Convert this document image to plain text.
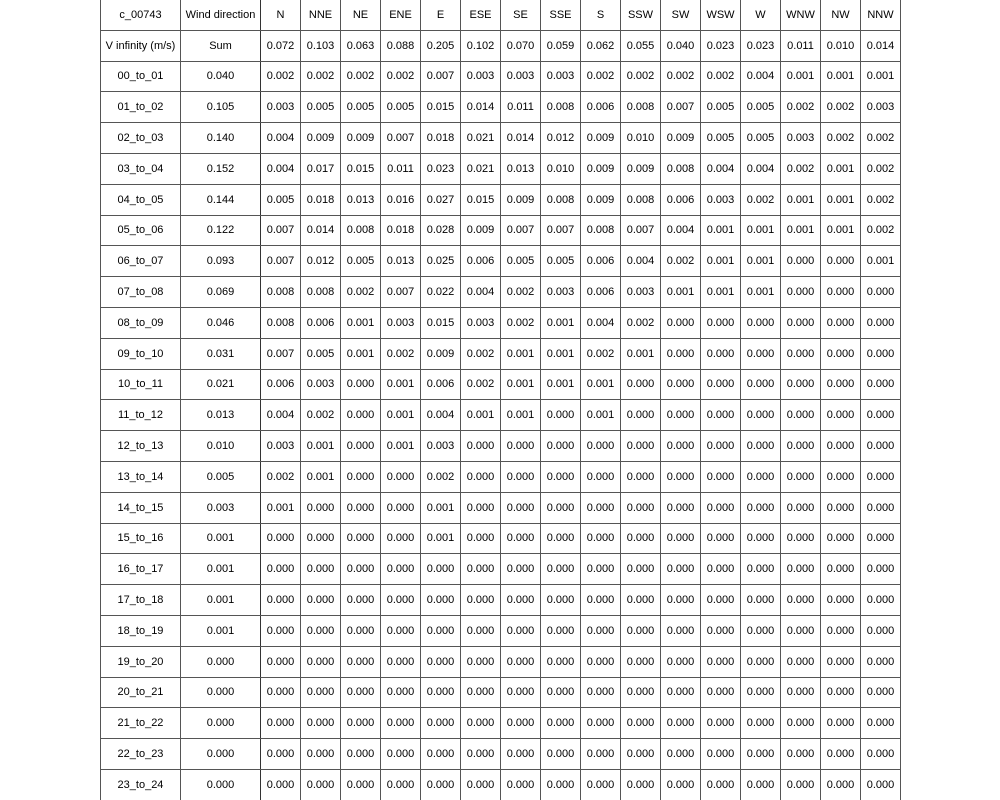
c_00743	Wind direction	N	NNE	NE	ENE	E	ESE	SE	SSE	S	SSW	SW	WSW	W	WNW	NW	NNW
V infinity (m/s)	Sum	0.072	0.103	0.063	0.088	0.205	0.102	0.070	0.059	0.062	0.055	0.040	0.023	0.023	0.011	0.010	0.014
00_to_01	0.040	0.002	0.002	0.002	0.002	0.007	0.003	0.003	0.003	0.002	0.002	0.002	0.002	0.004	0.001	0.001	0.001
01_to_02	0.105	0.003	0.005	0.005	0.005	0.015	0.014	0.011	0.008	0.006	0.008	0.007	0.005	0.005	0.002	0.002	0.003
02_to_03	0.140	0.004	0.009	0.009	0.007	0.018	0.021	0.014	0.012	0.009	0.010	0.009	0.005	0.005	0.003	0.002	0.002
03_to_04	0.152	0.004	0.017	0.015	0.011	0.023	0.021	0.013	0.010	0.009	0.009	0.008	0.004	0.004	0.002	0.001	0.002
04_to_05	0.144	0.005	0.018	0.013	0.016	0.027	0.015	0.009	0.008	0.009	0.008	0.006	0.003	0.002	0.001	0.001	0.002
05_to_06	0.122	0.007	0.014	0.008	0.018	0.028	0.009	0.007	0.007	0.008	0.007	0.004	0.001	0.001	0.001	0.001	0.002
06_to_07	0.093	0.007	0.012	0.005	0.013	0.025	0.006	0.005	0.005	0.006	0.004	0.002	0.001	0.001	0.000	0.000	0.001
07_to_08	0.069	0.008	0.008	0.002	0.007	0.022	0.004	0.002	0.003	0.006	0.003	0.001	0.001	0.001	0.000	0.000	0.000
08_to_09	0.046	0.008	0.006	0.001	0.003	0.015	0.003	0.002	0.001	0.004	0.002	0.000	0.000	0.000	0.000	0.000	0.000
09_to_10	0.031	0.007	0.005	0.001	0.002	0.009	0.002	0.001	0.001	0.002	0.001	0.000	0.000	0.000	0.000	0.000	0.000
10_to_11	0.021	0.006	0.003	0.000	0.001	0.006	0.002	0.001	0.001	0.001	0.000	0.000	0.000	0.000	0.000	0.000	0.000
11_to_12	0.013	0.004	0.002	0.000	0.001	0.004	0.001	0.001	0.000	0.001	0.000	0.000	0.000	0.000	0.000	0.000	0.000
12_to_13	0.010	0.003	0.001	0.000	0.001	0.003	0.000	0.000	0.000	0.000	0.000	0.000	0.000	0.000	0.000	0.000	0.000
13_to_14	0.005	0.002	0.001	0.000	0.000	0.002	0.000	0.000	0.000	0.000	0.000	0.000	0.000	0.000	0.000	0.000	0.000
14_to_15	0.003	0.001	0.000	0.000	0.000	0.001	0.000	0.000	0.000	0.000	0.000	0.000	0.000	0.000	0.000	0.000	0.000
15_to_16	0.001	0.000	0.000	0.000	0.000	0.001	0.000	0.000	0.000	0.000	0.000	0.000	0.000	0.000	0.000	0.000	0.000
16_to_17	0.001	0.000	0.000	0.000	0.000	0.000	0.000	0.000	0.000	0.000	0.000	0.000	0.000	0.000	0.000	0.000	0.000
17_to_18	0.001	0.000	0.000	0.000	0.000	0.000	0.000	0.000	0.000	0.000	0.000	0.000	0.000	0.000	0.000	0.000	0.000
18_to_19	0.001	0.000	0.000	0.000	0.000	0.000	0.000	0.000	0.000	0.000	0.000	0.000	0.000	0.000	0.000	0.000	0.000
19_to_20	0.000	0.000	0.000	0.000	0.000	0.000	0.000	0.000	0.000	0.000	0.000	0.000	0.000	0.000	0.000	0.000	0.000
20_to_21	0.000	0.000	0.000	0.000	0.000	0.000	0.000	0.000	0.000	0.000	0.000	0.000	0.000	0.000	0.000	0.000	0.000
21_to_22	0.000	0.000	0.000	0.000	0.000	0.000	0.000	0.000	0.000	0.000	0.000	0.000	0.000	0.000	0.000	0.000	0.000
22_to_23	0.000	0.000	0.000	0.000	0.000	0.000	0.000	0.000	0.000	0.000	0.000	0.000	0.000	0.000	0.000	0.000	0.000
23_to_24	0.000	0.000	0.000	0.000	0.000	0.000	0.000	0.000	0.000	0.000	0.000	0.000	0.000	0.000	0.000	0.000	0.000
